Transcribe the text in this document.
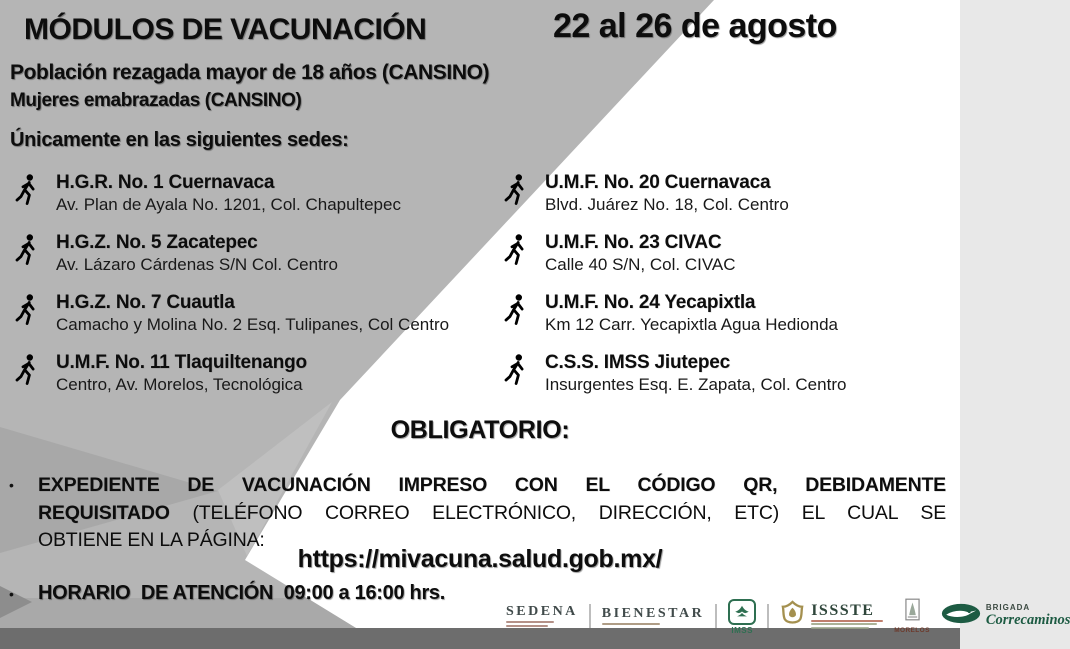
MÓDULOS DE VACUNACIÓN	22 al 26 de agosto
Población rezagada mayor de 18 años (CANSINO)
Mujeres emabrazadas (CANSINO)
Únicamente en las siguientes sedes:
H.G.R. No. 1 Cuernavaca
Av. Plan de Ayala No. 1201, Col. Chapultepec
H.G.Z. No. 5 Zacatepec
Av. Lázaro Cárdenas S/N Col. Centro
H.G.Z. No. 7 Cuautla
Camacho y Molina No. 2 Esq. Tulipanes, Col Centro
U.M.F. No. 11 Tlaquiltenango
Centro, Av. Morelos, Tecnológica
U.M.F. No. 20 Cuernavaca
Blvd. Juárez No. 18, Col. Centro
U.M.F. No. 23 CIVAC
Calle 40 S/N, Col. CIVAC
U.M.F. No. 24 Yecapixtla
Km 12 Carr. Yecapixtla Agua Hedionda
C.S.S. IMSS Jiutepec
Insurgentes Esq. E. Zapata, Col. Centro
OBLIGATORIO:
• EXPEDIENTE DE VACUNACIÓN IMPRESO CON EL CÓDIGO QR, DEBIDAMENTE
REQUISITADO (TELÉFONO CORREO ELECTRÓNICO, DIRECCIÓN, ETC) EL CUAL SE
OBTIENE EN LA PÁGINA:
https://mivacuna.salud.gob.mx/
• HORARIO  DE ATENCIÓN  09:00 a 16:00 hrs.
SEDENA BIENESTAR
IMSS
ISSSTE
MORELOS
BRIGADA
Correcaminos
